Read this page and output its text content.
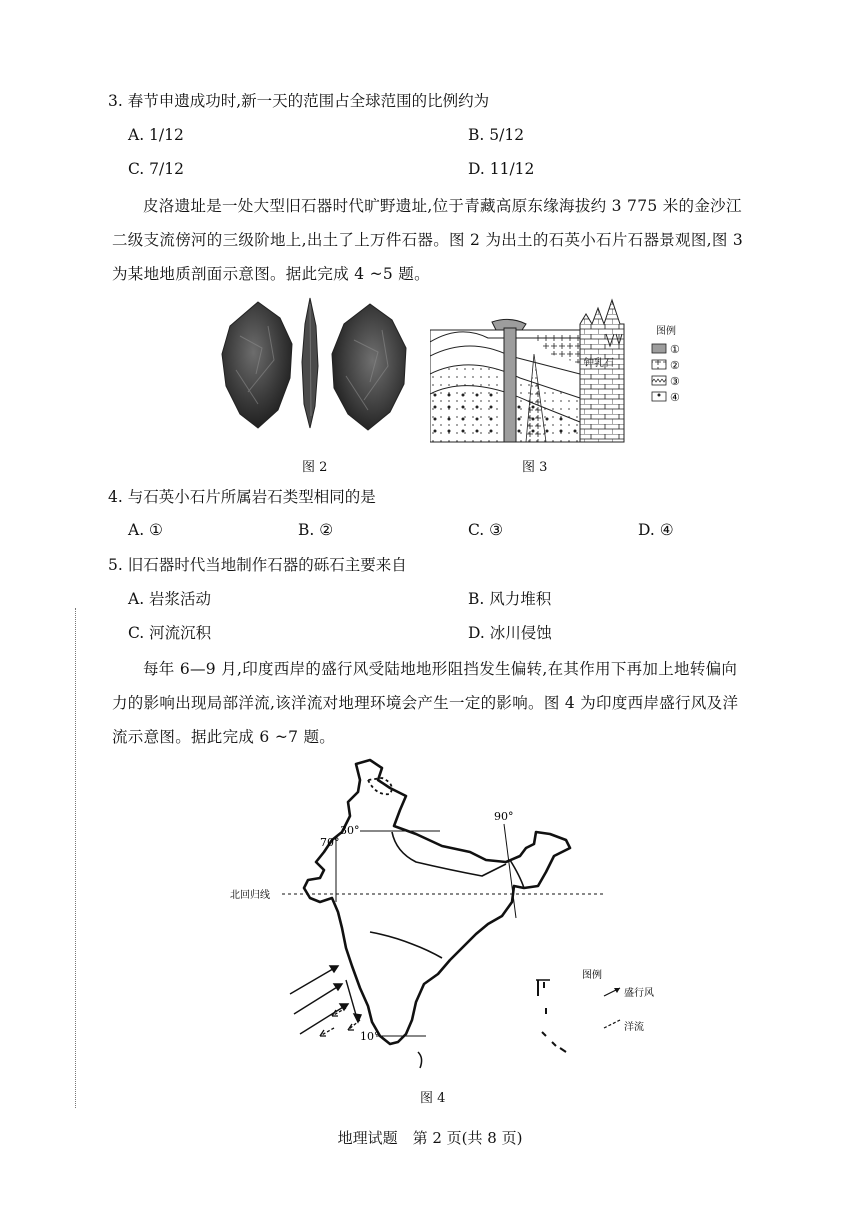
3. 春节申遗成功时,新一天的范围占全球范围的比例约为
A. 1/12	B. 5/12
C. 7/12	D. 11/12
皮洛遗址是一处大型旧石器时代旷野遗址,位于青藏高原东缘海拔约 3 775 米的金沙江二级支流傍河的三级阶地上,出土了上万件石器。图 2 为出土的石英小石片石器景观图,图 3 为某地地质剖面示意图。据此完成 4 ~5 题。
图 2
钟乳石
图例
①
②
③
④
图 3
4. 与石英小石片所属岩石类型相同的是
A. ①	B. ②	C. ③	D. ④
5. 旧石器时代当地制作石器的砾石主要来自
A. 岩浆活动	B. 风力堆积
C. 河流沉积	D. 冰川侵蚀
每年 6—9 月,印度西岸的盛行风受陆地地形阻挡发生偏转,在其作用下再加上地转偏向力的影响出现局部洋流,该洋流对地理环境会产生一定的影响。图 4 为印度西岸盛行风及洋流示意图。据此完成 6 ~7 题。
30°
70°
90°
北回归线
10°
图例
盛行风
洋流
图 4
地理试题　第 2 页(共 8 页)
